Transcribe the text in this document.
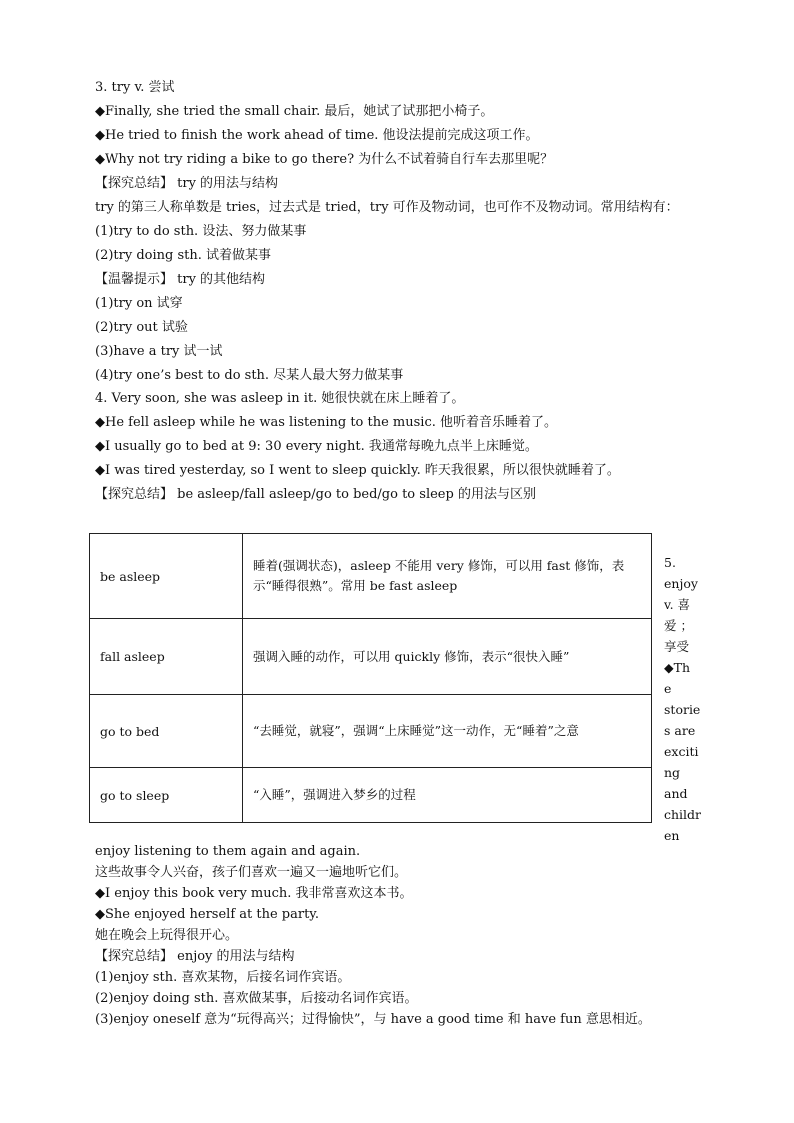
3. try v. 尝试
◆Finally, she tried the small chair. 最后，她试了试那把小椅子。
◆He tried to finish the work ahead of time. 他设法提前完成这项工作。
◆Why not try riding a bike to go there? 为什么不试着骑自行车去那里呢？
【探究总结】 try 的用法与结构
try 的第三人称单数是 tries，过去式是 tried，try 可作及物动词，也可作不及物动词。常用结构有：
(1)try to do sth. 设法、努力做某事
(2)try doing sth. 试着做某事
【温馨提示】 try 的其他结构
(1)try on 试穿
(2)try out 试验
(3)have a try 试一试
(4)try one’s best to do sth. 尽某人最大努力做某事
4. Very soon, she was asleep in it. 她很快就在床上睡着了。
◆He fell asleep while he was listening to the music. 他听着音乐睡着了。
◆I usually go to bed at 9: 30 every night. 我通常每晚九点半上床睡觉。
◆I was tired yesterday, so I went to sleep quickly. 昨天我很累，所以很快就睡着了。
【探究总结】 be asleep/fall asleep/go to bed/go to sleep 的用法与区别
be asleep	睡着(强调状态)，asleep 不能用 very 修饰，可以用 fast 修饰，表示“睡得很熟”。常用 be fast asleep
fall asleep	强调入睡的动作，可以用 quickly 修饰，表示“很快入睡”
go to bed	“去睡觉，就寝”，强调“上床睡觉”这一动作，无“睡着”之意
go to sleep	“入睡”，强调进入梦乡的过程
5.
enjoy
v. 喜
爱 ；
享受
◆Th
e
storie
s are
exciti
ng
and
childr
en
enjoy listening to them again and again.
这些故事令人兴奋，孩子们喜欢一遍又一遍地听它们。
◆I enjoy this book very much. 我非常喜欢这本书。
◆She enjoyed herself at the party.
她在晚会上玩得很开心。
【探究总结】 enjoy 的用法与结构
(1)enjoy sth. 喜欢某物，后接名词作宾语。
(2)enjoy doing sth. 喜欢做某事，后接动名词作宾语。
(3)enjoy oneself 意为“玩得高兴；过得愉快”，与 have a good time 和 have fun 意思相近。
